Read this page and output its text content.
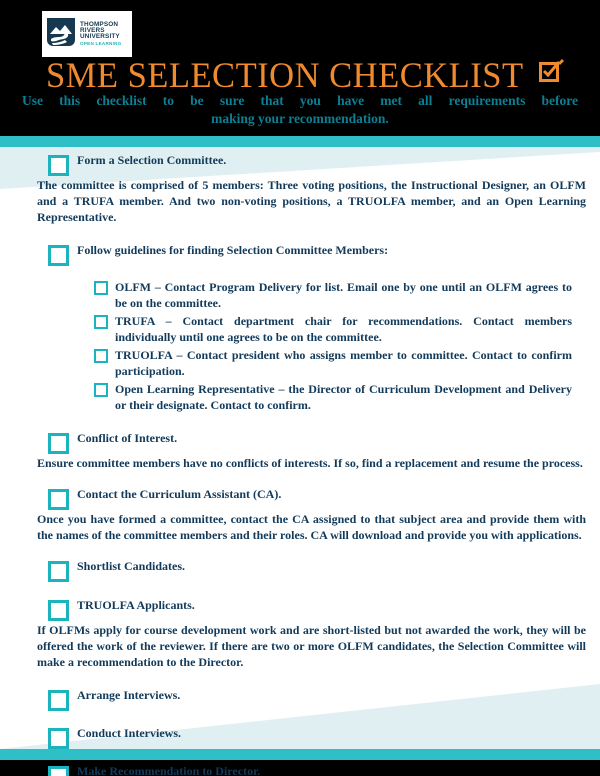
THOMPSON
RIVERS
UNIVERSITY
OPEN LEARNING
SME SELECTION CHECKLIST
Use this checklist to be sure that you have met all requirements before
making your recommendation.
Form a Selection Committee.
The committee is comprised of 5 members: Three voting positions, the Instructional Designer, an OLFM and a TRUFA member. And two non-voting positions, a TRUOLFA member, and an Open Learning Representative.
Follow guidelines for finding Selection Committee Members:
OLFM – Contact Program Delivery for list. Email one by one until an OLFM agrees to be on the committee.
TRUFA – Contact department chair for recommendations. Contact members individually until one agrees to be on the committee.
TRUOLFA – Contact president who assigns member to committee. Contact to confirm participation.
Open Learning Representative – the Director of Curriculum Development and Delivery or their designate. Contact to confirm.
Conflict of Interest.
Ensure committee members have no conflicts of interests. If so, find a replacement and resume the process.
Contact the Curriculum Assistant (CA).
Once you have formed a committee, contact the CA assigned to that subject area and provide them with the names of the committee members and their roles. CA will download and provide you with applications.
Shortlist Candidates.
TRUOLFA Applicants.
If OLFMs apply for course development work and are short-listed but not awarded the work, they will be offered the work of the reviewer. If there are two or more OLFM candidates, the Selection Committee will make a recommendation to the Director.
Arrange Interviews.
Conduct Interviews.
Make Recommendation to Director.
